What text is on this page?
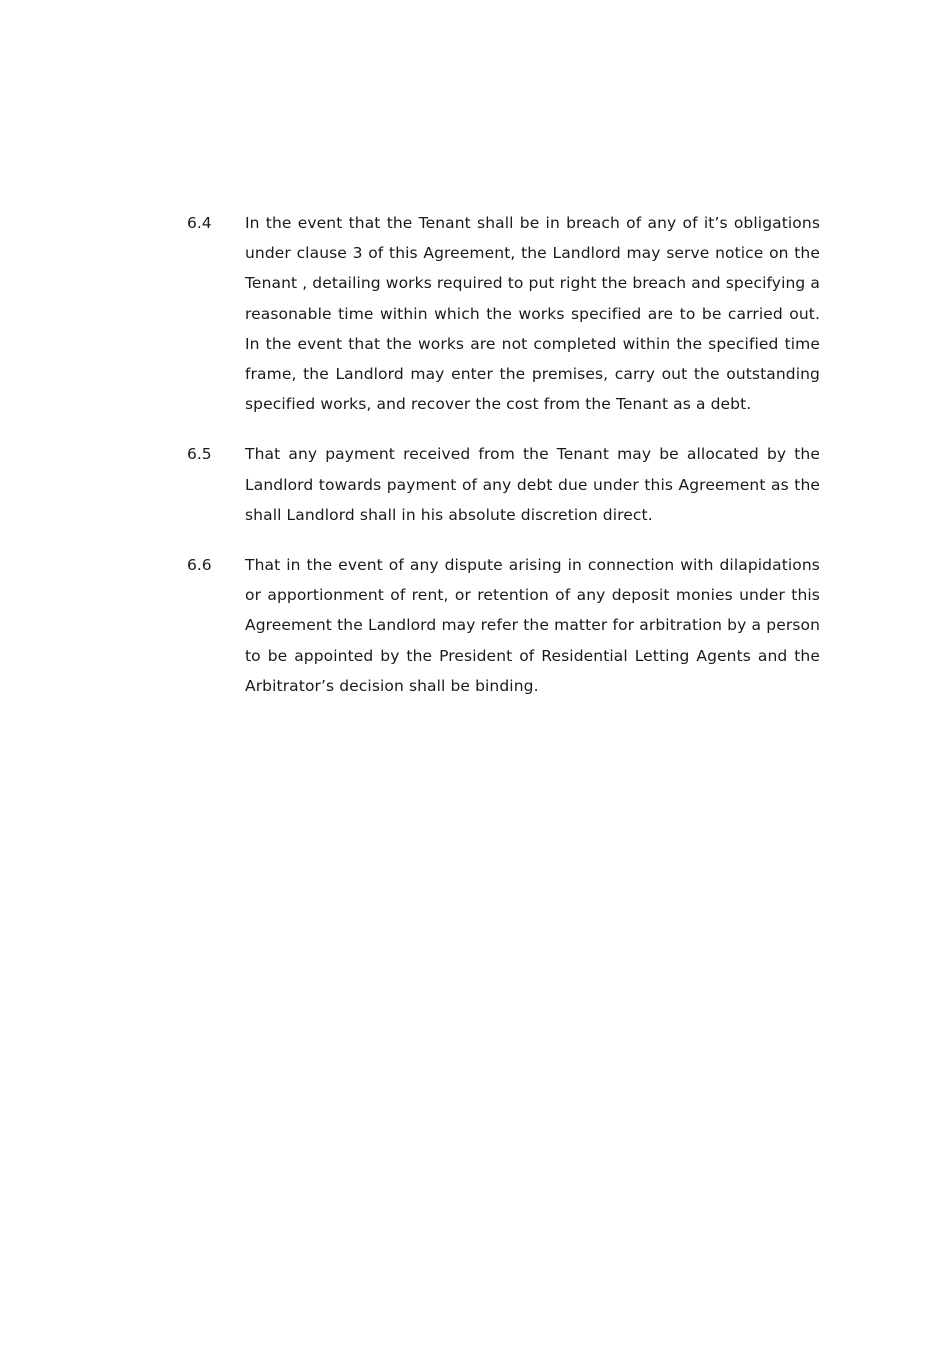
6.4	In the event that the Tenant shall be in breach of any of it’s obligations under clause 3 of this Agreement, the Landlord may serve notice on the Tenant , detailing works required to put right the breach and specifying a reasonable time within which the works specified are to be carried out. In the event that the works are not completed within the specified time frame, the Landlord may enter the premises, carry out the outstanding specified works, and recover the cost from the Tenant as a debt.

6.5	That any payment received from the Tenant may be allocated by the Landlord towards payment of any debt due under this Agreement as the shall Landlord shall in his absolute discretion direct.

6.6	That in the event of any dispute arising in connection with dilapidations or apportionment of rent, or retention of any deposit monies under this Agreement the Landlord may refer the matter for arbitration by a person to be appointed by the President of Residential Letting Agents and the Arbitrator’s decision shall be binding.
